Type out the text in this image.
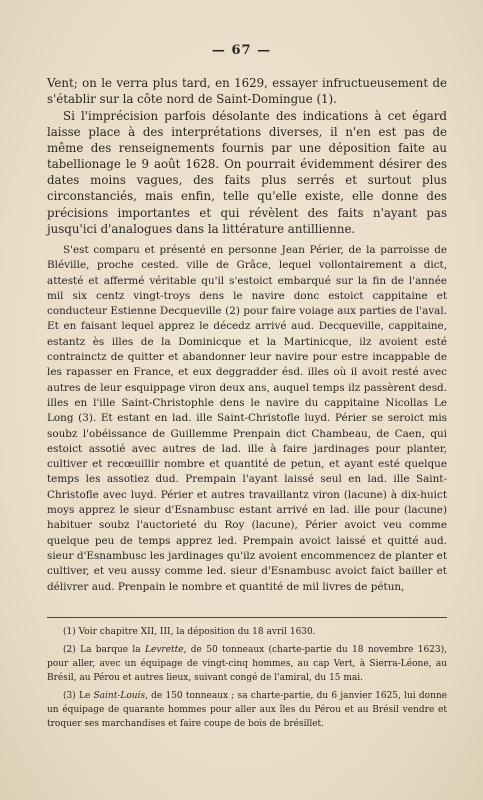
— 67 —

Vent; on le verra plus tard, en 1629, essayer infructueusement de s'établir sur la côte nord de Saint-Domingue (1).

Si l'imprécision parfois désolante des indications à cet égard laisse place à des interprétations diverses, il n'en est pas de même des renseignements fournis par une déposition faite au tabellionage le 9 août 1628. On pourrait évidemment désirer des dates moins vagues, des faits plus serrés et surtout plus circonstanciés, mais enfin, telle qu'elle existe, elle donne des précisions importantes et qui révèlent des faits n'ayant pas jusqu'ici d'analogues dans la littérature antillienne.

S'est comparu et présenté en personne Jean Périer, de la parroisse de Bléville, proche cested. ville de Grâce, lequel vollontairement a dict, attesté et affermé véritable qu'il s'estoict embarqué sur la fin de l'année mil six centz vingt-troys dens le navire donc estoict cappitaine et conducteur Estienne Decqueville (2) pour faire voiage aux parties de l'aval. Et en faisant lequel apprez le décedz arrivé aud. Decqueville, cappitaine, estantz ès illes de la Dominicque et la Martinicque, ilz avoient esté contrainctz de quitter et abandonner leur navire pour estre incappable de les rapasser en France, et eux deggradder ésd. illes où il avoit resté avec autres de leur esquippage viron deux ans, auquel temps ilz passèrent desd. illes en l'ille Saint-Christophle dens le navire du cappitaine Nicollas Le Long (3). Et estant en lad. ille Saint-Christofle luyd. Périer se seroict mis soubz l'obéissance de Guillemme Prenpain dict Chambeau, de Caen, qui estoict assotié avec autres de lad. ille à faire jardinages pour planter, cultiver et recœuillir nombre et quantité de petun, et ayant esté quelque temps les assotiez dud. Prempain l'ayant laissé seul en lad. ille Saint-Christofle avec luyd. Périer et autres travaillantz viron (lacune) à dix-huict moys apprez le sieur d'Esnambusc estant arrivé en lad. ille pour (lacune) habituer soubz l'auctorieté du Roy (lacune), Périer avoict veu comme quelque peu de temps apprez led. Prempain avoict laissé et quitté aud. sieur d'Esnambusc les jardinages qu'ilz avoient encommencez de planter et cultiver, et veu aussy comme led. sieur d'Esnambusc avoict faict bailler et délivrer aud. Prenpain le nombre et quantité de mil livres de pétun,

(1) Voir chapitre XII, III, la déposition du 18 avril 1630.

(2) La barque la Levrette, de 50 tonneaux (charte-partie du 18 novembre 1623), pour aller, avec un équipage de vingt-cinq hommes, au cap Vert, à Sierra-Léone, au Brésil, au Pérou et autres lieux, suivant congé de l'amiral, du 15 mai.

(3) Le Saint-Louis, de 150 tonneaux ; sa charte-partie, du 6 janvier 1625, lui donne un équipage de quarante hommes pour aller aux îles du Pérou et au Brésil vendre et troquer ses marchandises et faire coupe de bois de brésillet.
